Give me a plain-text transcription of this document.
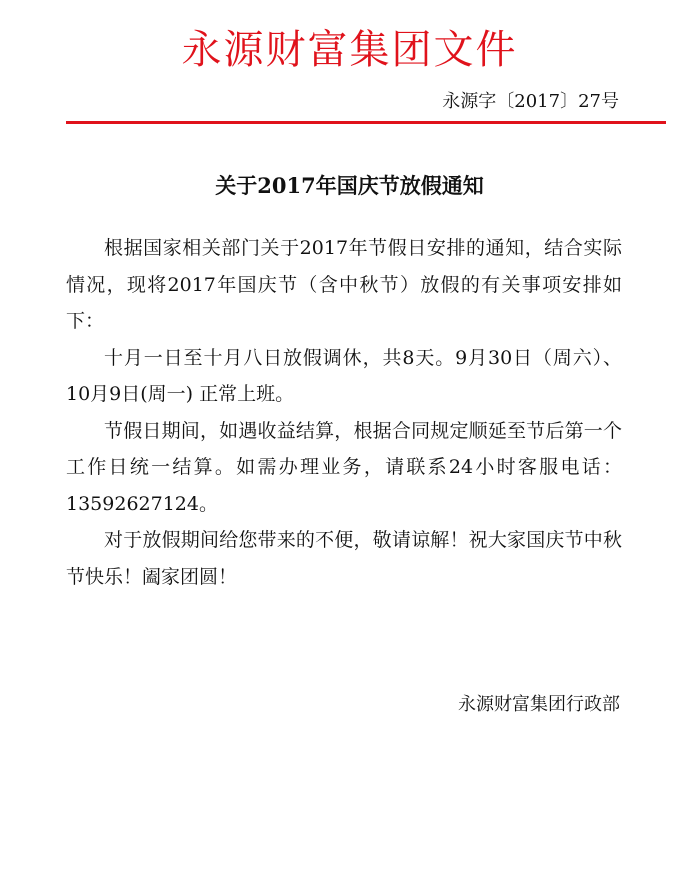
永源财富集团文件
永源字〔2017〕27号
关于2017年国庆节放假通知

根据国家相关部门关于2017年节假日安排的通知，结合实际情况，现将2017年国庆节（含中秋节）放假的有关事项安排如下：

十月一日至十月八日放假调休，共8天。9月30日（周六）、10月9日(周一) 正常上班。

节假日期间，如遇收益结算，根据合同规定顺延至节后第一个工作日统一结算。如需办理业务，请联系24小时客服电话：13592627124。

对于放假期间给您带来的不便，敬请谅解！祝大家国庆节中秋节快乐！阖家团圆！

永源财富集团行政部
